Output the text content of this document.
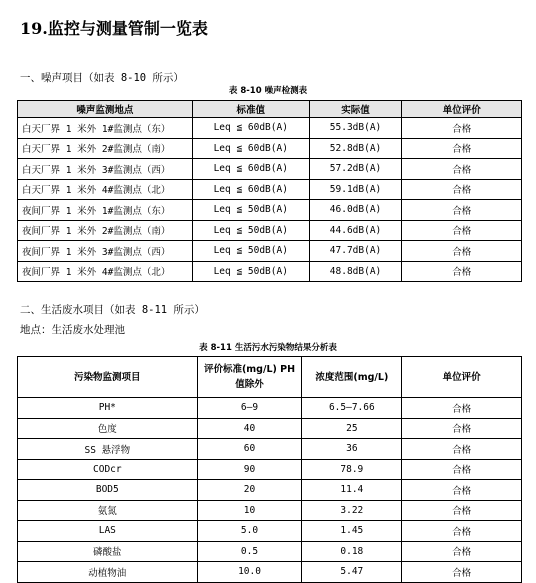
19.监控与测量管制一览表
一、噪声项目（如表 8-10 所示）
表 8-10 噪声检测表
噪声监测地点	标准值	实际值	单位评价
白天厂界 1 米外 1#监测点（东）	Leq ≦ 60dB(A)	55.3dB(A)	合格
白天厂界 1 米外 2#监测点（南）	Leq ≦ 60dB(A)	52.8dB(A)	合格
白天厂界 1 米外 3#监测点（西）	Leq ≦ 60dB(A)	57.2dB(A)	合格
白天厂界 1 米外 4#监测点（北）	Leq ≦ 60dB(A)	59.1dB(A)	合格
夜间厂界 1 米外 1#监测点（东）	Leq ≦ 50dB(A)	46.0dB(A)	合格
夜间厂界 1 米外 2#监测点（南）	Leq ≦ 50dB(A)	44.6dB(A)	合格
夜间厂界 1 米外 3#监测点（西）	Leq ≦ 50dB(A)	47.7dB(A)	合格
夜间厂界 1 米外 4#监测点（北）	Leq ≦ 50dB(A)	48.8dB(A)	合格
二、生活废水项目（如表 8-11 所示）
地点：生活废水处理池
表 8-11 生活污水污染物结果分析表
污染物监测项目	评价标准(mg/L) PH值除外	浓度范围(mg/L)	单位评价
PH*	6—9	6.5—7.66	合格
色度	40	25	合格
SS 悬浮物	60	36	合格
CODcr	90	78.9	合格
BOD5	20	11.4	合格
氨氮	10	3.22	合格
LAS	5.0	1.45	合格
磷酸盐	0.5	0.18	合格
动植物油	10.0	5.47	合格
